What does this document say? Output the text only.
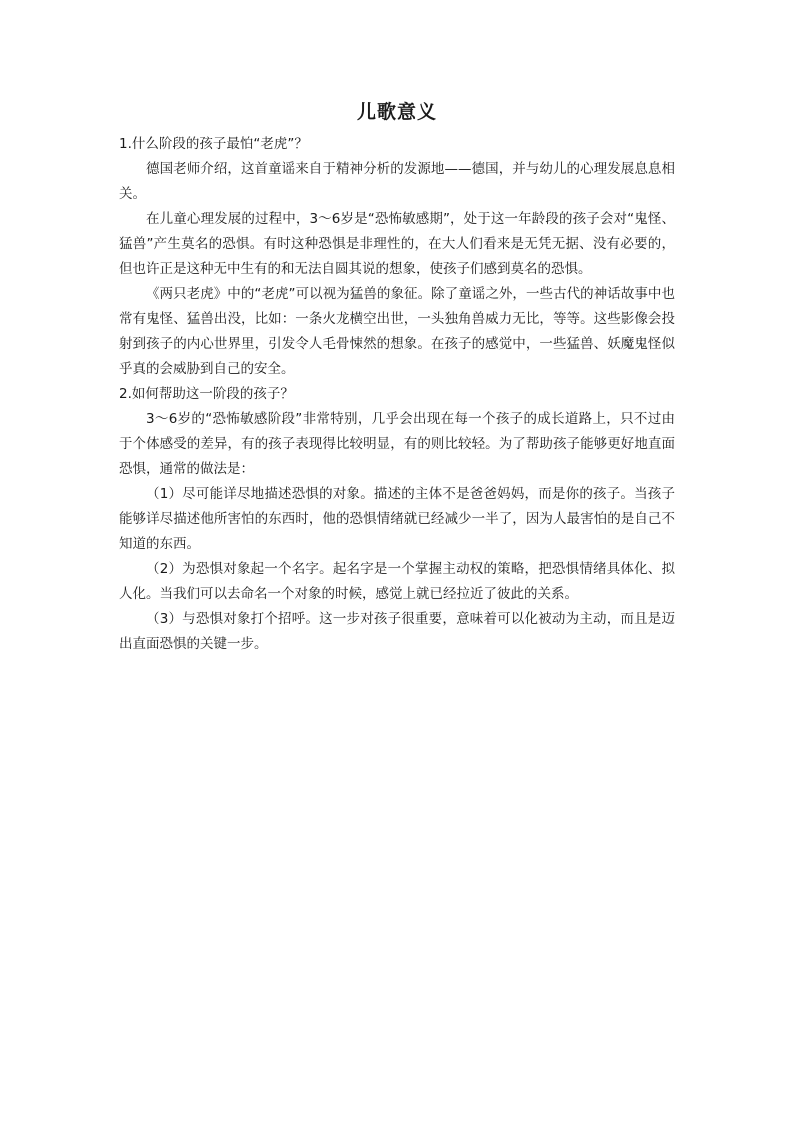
儿歌意义

1.什么阶段的孩子最怕“老虎”？

德国老师介绍，这首童谣来自于精神分析的发源地——德国，并与幼儿的心理发展息息相关。

在儿童心理发展的过程中，3～6岁是“恐怖敏感期”，处于这一年龄段的孩子会对“鬼怪、猛兽”产生莫名的恐惧。有时这种恐惧是非理性的，在大人们看来是无凭无据、没有必要的，但也许正是这种无中生有的和无法自圆其说的想象，使孩子们感到莫名的恐惧。

《两只老虎》中的“老虎”可以视为猛兽的象征。除了童谣之外，一些古代的神话故事中也常有鬼怪、猛兽出没，比如：一条火龙横空出世，一头独角兽威力无比，等等。这些影像会投射到孩子的内心世界里，引发令人毛骨悚然的想象。在孩子的感觉中，一些猛兽、妖魔鬼怪似乎真的会威胁到自己的安全。

2.如何帮助这一阶段的孩子？

3～6岁的“恐怖敏感阶段”非常特别，几乎会出现在每一个孩子的成长道路上，只不过由于个体感受的差异，有的孩子表现得比较明显，有的则比较轻。为了帮助孩子能够更好地直面恐惧，通常的做法是：

（1）尽可能详尽地描述恐惧的对象。描述的主体不是爸爸妈妈，而是你的孩子。当孩子能够详尽描述他所害怕的东西时，他的恐惧情绪就已经减少一半了，因为人最害怕的是自己不知道的东西。

（2）为恐惧对象起一个名字。起名字是一个掌握主动权的策略，把恐惧情绪具体化、拟人化。当我们可以去命名一个对象的时候，感觉上就已经拉近了彼此的关系。

（3）与恐惧对象打个招呼。这一步对孩子很重要，意味着可以化被动为主动，而且是迈出直面恐惧的关键一步。
